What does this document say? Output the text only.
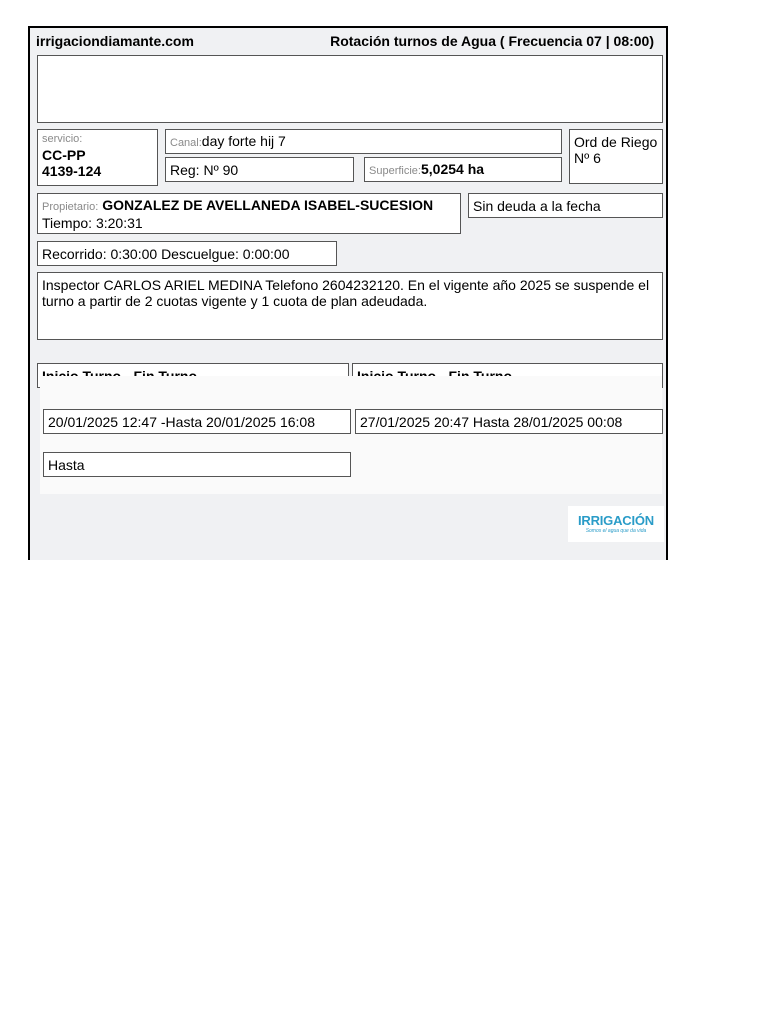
irrigaciondiamante.com	Rotación turnos de Agua ( Frecuencia 07 | 08:00)
servicio:
CC-PP
4139-124
Canal: day forte hij 7
Reg: Nº 90	Superficie: 5,0254 ha
Ord de Riego
Nº 6
Propietario: GONZALEZ DE AVELLANEDA ISABEL-SUCESION
Tiempo: 3:20:31
Sin deuda a la fecha
Recorrido: 0:30:00 Descuelgue: 0:00:00
Inspector CARLOS ARIEL MEDINA Telefono 2604232120. En el vigente año 2025 se suspende el turno a partir de 2 cuotas vigente y 1 cuota de plan adeudada.
20/01/2025 12:47 -Hasta 20/01/2025 16:08	27/01/2025 20:47 Hasta 28/01/2025 00:08
Hasta
IRRIGACIÓN
Somos el agua que da vida
